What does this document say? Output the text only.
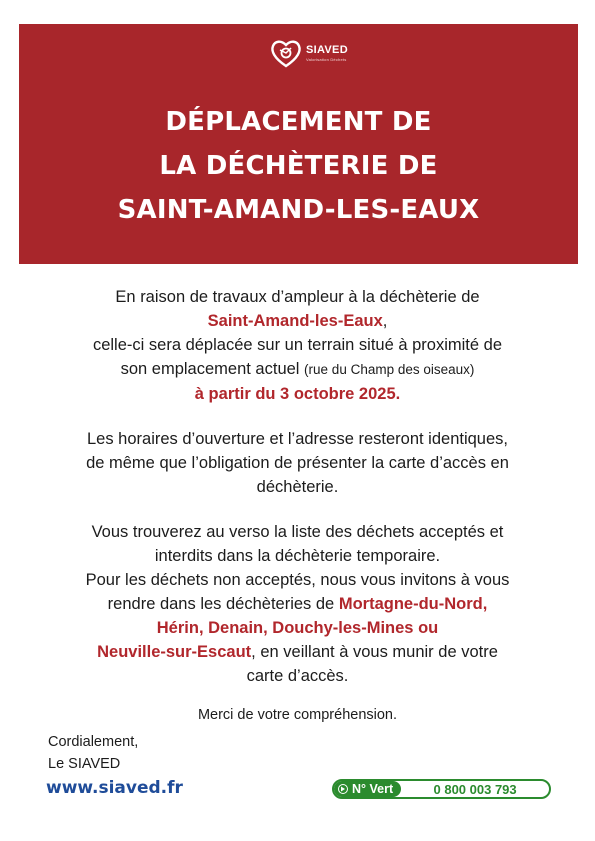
SIAVED
Valorisation Déchets
DÉPLACEMENT DE
LA DÉCHÈTERIE DE
SAINT-AMAND-LES-EAUX
En raison de travaux d’ampleur à la déchèterie de
Saint-Amand-les-Eaux,
celle-ci sera déplacée sur un terrain situé à proximité de
son emplacement actuel (rue du Champ des oiseaux)
à partir du 3 octobre 2025.
Les horaires d’ouverture et l’adresse resteront identiques,
de même que l’obligation de présenter la carte d’accès en
déchèterie.
Vous trouverez au verso la liste des déchets acceptés et
interdits dans la déchèterie temporaire.
Pour les déchets non acceptés, nous vous invitons à vous
rendre dans les déchèteries de Mortagne-du-Nord,
Hérin, Denain, Douchy-les-Mines ou
Neuville-sur-Escaut, en veillant à vous munir de votre
carte d’accès.
Merci de votre compréhension.
Cordialement,
Le SIAVED
www.siaved.fr	N° Vert	0 800 003 793
